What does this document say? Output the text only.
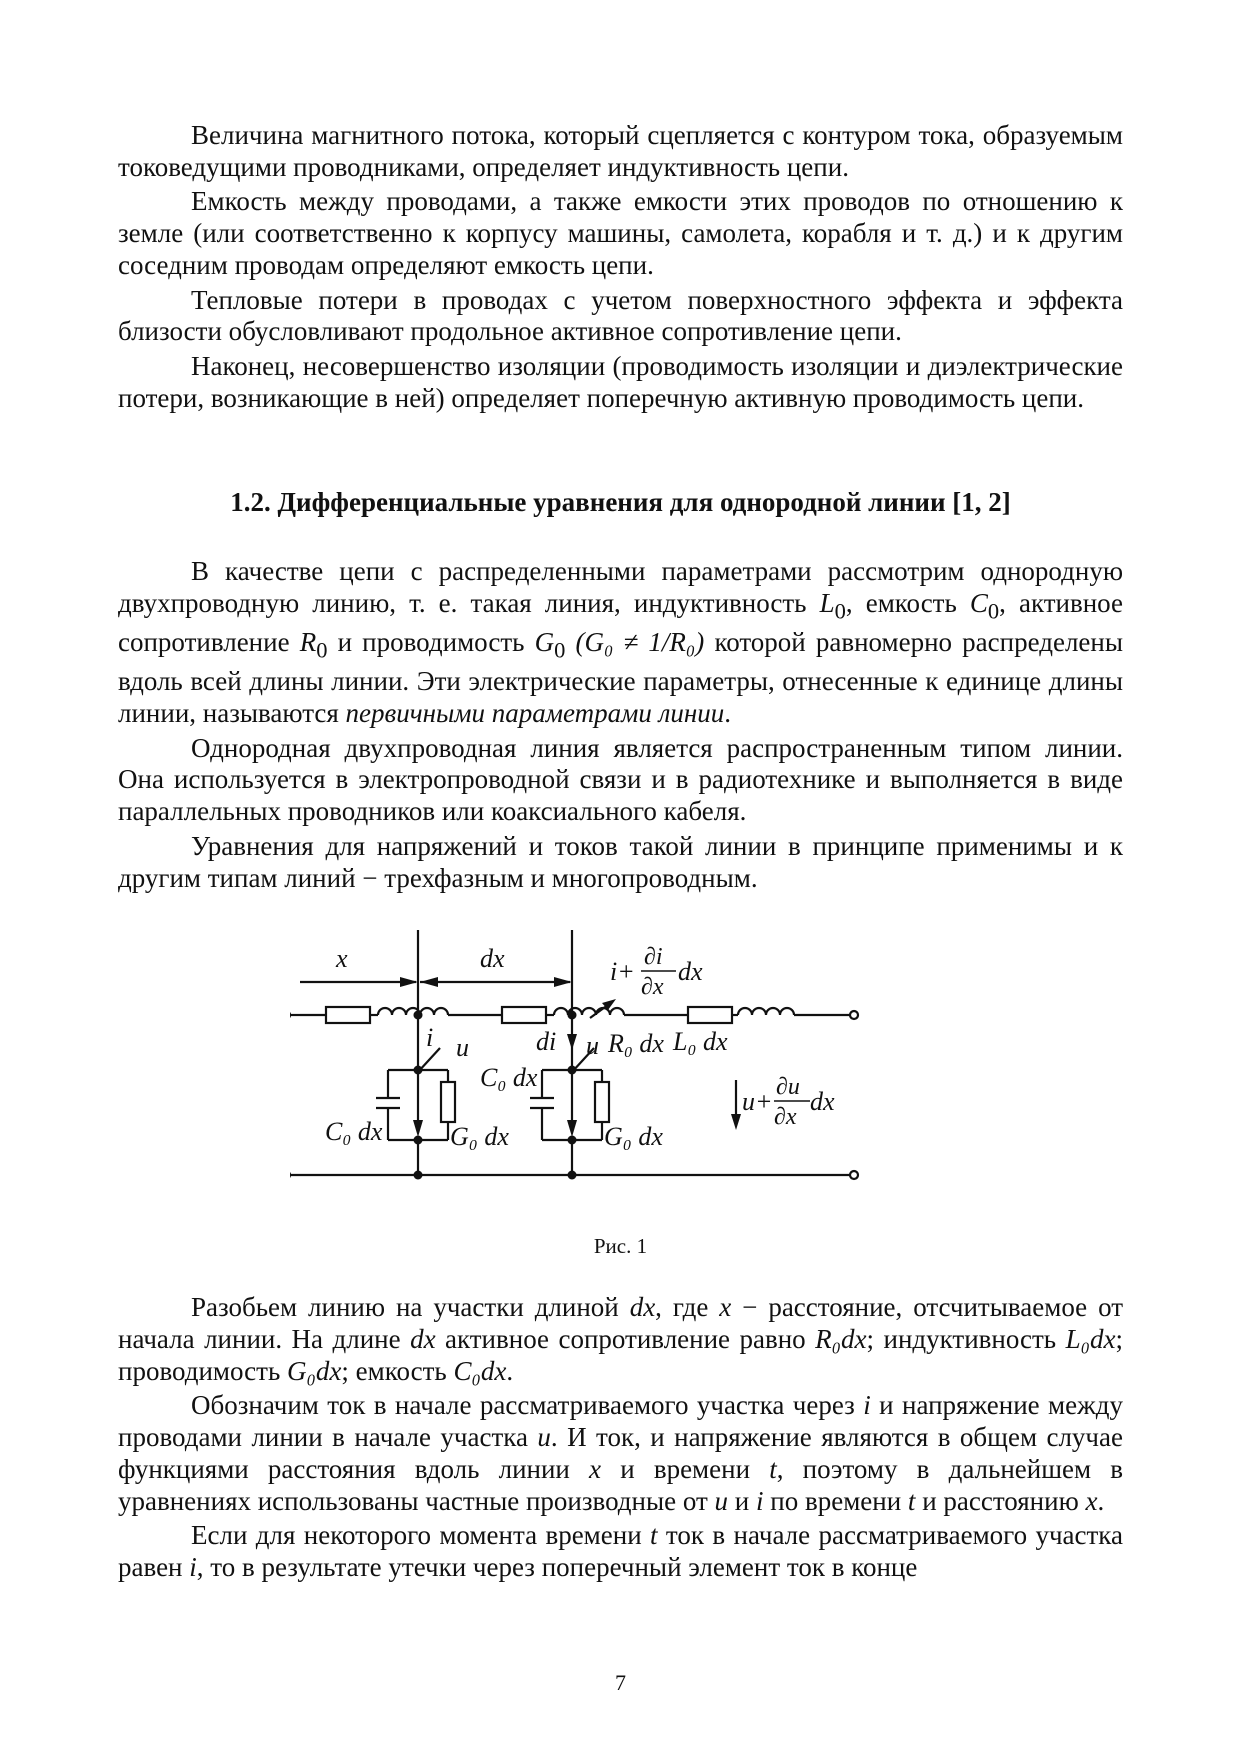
Величина магнитного потока, который сцепляется с контуром тока, образуемым токоведущими проводниками, определяет индуктивность цепи.

Емкость между проводами, а также емкости этих проводов по отношению к земле (или соответственно к корпусу машины, самолета, корабля и т. д.) и к другим соседним проводам определяют емкость цепи.

Тепловые потери в проводах с учетом поверхностного эффекта и эффекта близости обусловливают продольное активное сопротивление цепи.

Наконец, несовершенство изоляции (проводимость изоляции и диэлектрические потери, возникающие в ней) определяет поперечную активную проводимость цепи.

1.2. Дифференциальные уравнения для однородной линии [1, 2]

В качестве цепи с распределенными параметрами рассмотрим однородную двухпроводную линию, т. е. такая линия, индуктивность $L_0$, емкость $C_0$, активное сопротивление $R_0$ и проводимость $G_0$ (G₀ ≠ 1/R₀) которой равномерно распределены вдоль всей длины линии. Эти электрические параметры, отнесенные к единице длины линии, называются первичными параметрами линии.

Однородная двухпроводная линия является распространенным типом линии. Она используется в электропроводной связи и в радиотехнике и выполняется в виде параллельных проводников или коаксиального кабеля.

Уравнения для напряжений и токов такой линии в принципе применимы и к другим типам линий − трехфазным и многопроводным.

x	dx	i+ ∂i
∂x
dx
i u	di u R₀ dx L₀ dx
C₀ dx
C₀ dx	G₀ dx	G₀ dx
u+ ∂u
∂x
dx

Рис. 1

Разобьем линию на участки длиной dx, где x − расстояние, отсчитываемое от начала линии. На длине dx активное сопротивление равно R₀dx; индуктивность L₀dx; проводимость G₀dx; емкость C₀dx.

Обозначим ток в начале рассматриваемого участка через i и напряжение между проводами линии в начале участка u. И ток, и напряжение являются в общем случае функциями расстояния вдоль линии x и времени t, поэтому в дальнейшем в уравнениях использованы частные производные от u и i по времени t и расстоянию x.

Если для некоторого момента времени t ток в начале рассматриваемого участка равен i, то в результате утечки через поперечный элемент ток в конце

7
